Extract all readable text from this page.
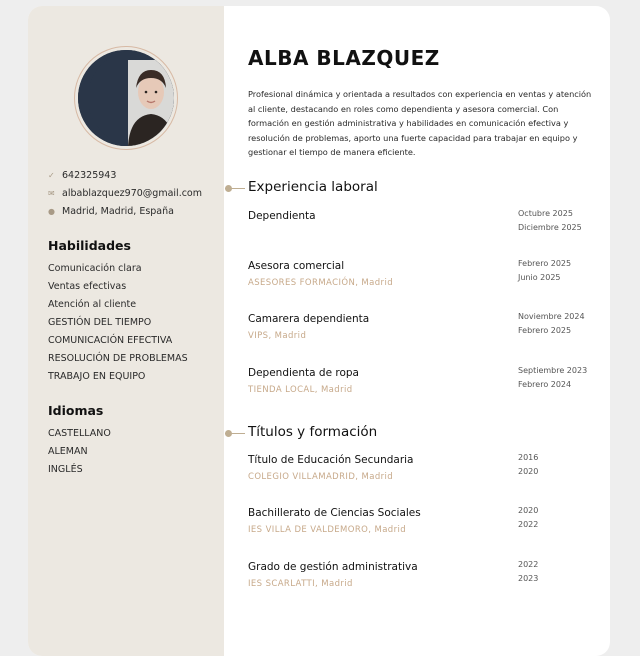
✓ 642325943
✉ albablazquez970@gmail.com
● Madrid, Madrid, España
Habilidades
Comunicación clara
Ventas efectivas
Atención al cliente
GESTIÓN DEL TIEMPO
COMUNICACIÓN EFECTIVA
RESOLUCIÓN DE PROBLEMAS
TRABAJO EN EQUIPO
Idiomas
CASTELLANO
ALEMAN
INGLÉS
ALBA BLAZQUEZ
Profesional dinámica y orientada a resultados con experiencia en ventas y atención al cliente, destacando en roles como dependienta y asesora comercial. Con formación en gestión administrativa y habilidades en comunicación efectiva y resolución de problemas, aporto una fuerte capacidad para trabajar en equipo y gestionar el tiempo de manera eficiente.
Experiencia laboral
Dependienta	Octubre 2025
Diciembre 2025
Asesora comercial
ASESORES FORMACIÓN, Madrid
Febrero 2025
Junio 2025
Camarera dependienta
VIPS, Madrid
Noviembre 2024
Febrero 2025
Dependienta de ropa
TIENDA LOCAL, Madrid
Septiembre 2023
Febrero 2024
Títulos y formación
Título de Educación Secundaria
COLEGIO VILLAMADRID, Madrid
2016
2020
Bachillerato de Ciencias Sociales
IES VILLA DE VALDEMORO, Madrid
2020
2022
Grado de gestión administrativa
IES SCARLATTI, Madrid
2022
2023
